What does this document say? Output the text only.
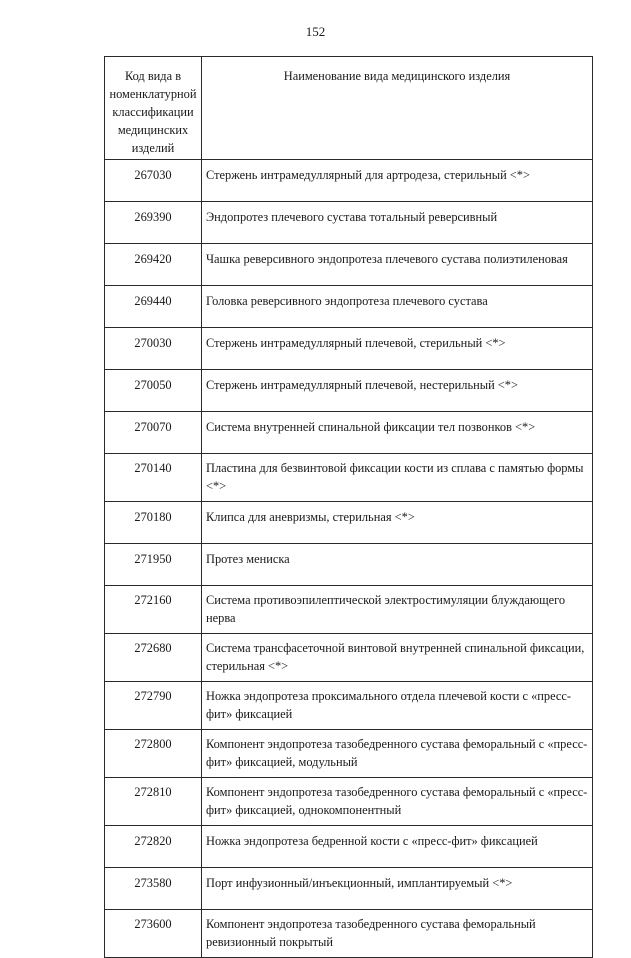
152
Код вида в номенклатурной классификации медицинских изделий	Наименование вида медицинского изделия
267030	Стержень интрамедуллярный для артродеза, стерильный <*>
269390	Эндопротез плечевого сустава тотальный реверсивный
269420	Чашка реверсивного эндопротеза плечевого сустава полиэтиленовая
269440	Головка реверсивного эндопротеза плечевого сустава
270030	Стержень интрамедуллярный плечевой, стерильный <*>
270050	Стержень интрамедуллярный плечевой, нестерильный <*>
270070	Система внутренней спинальной фиксации тел позвонков <*>
270140	Пластина для безвинтовой фиксации кости из сплава с памятью формы <*>
270180	Клипса для аневризмы, стерильная <*>
271950	Протез мениска
272160	Система противоэпилептической электростимуляции блуждающего нерва
272680	Система трансфасеточной винтовой внутренней спинальной фиксации, стерильная <*>
272790	Ножка эндопротеза проксимального отдела плечевой кости с «пресс-фит» фиксацией
272800	Компонент эндопротеза тазобедренного сустава феморальный с «пресс-фит» фиксацией, модульный
272810	Компонент эндопротеза тазобедренного сустава феморальный с «пресс-фит» фиксацией, однокомпонентный
272820	Ножка эндопротеза бедренной кости с «пресс-фит» фиксацией
273580	Порт инфузионный/инъекционный, имплантируемый <*>
273600	Компонент эндопротеза тазобедренного сустава феморальный ревизионный покрытый
